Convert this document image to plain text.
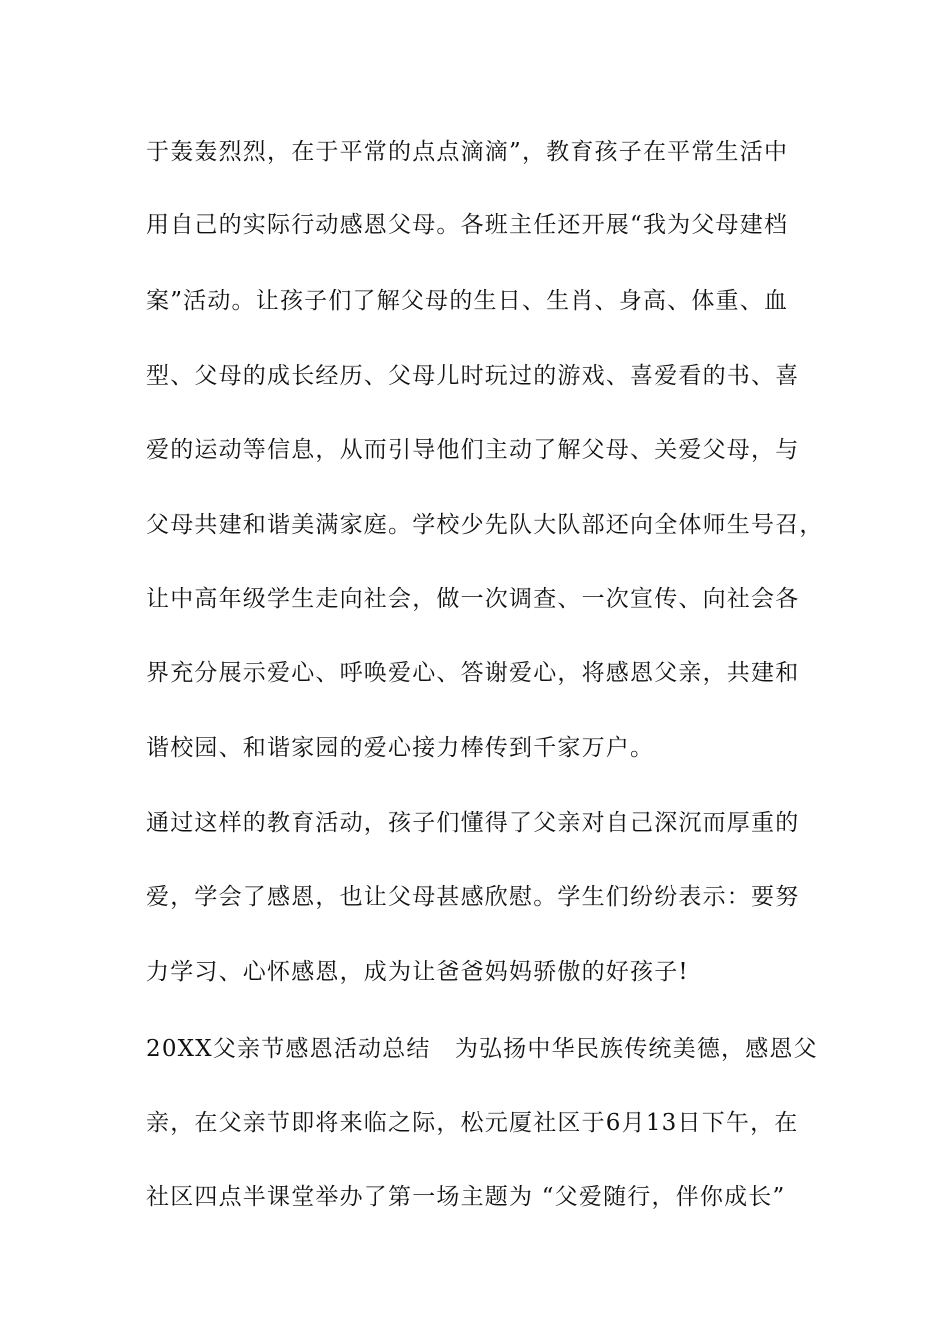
于轰轰烈烈，在于平常的点点滴滴”，教育孩子在平常生活中
用自己的实际行动感恩父母。各班主任还开展“我为父母建档
案”活动。让孩子们了解父母的生日、生肖、身高、体重、血
型、父母的成长经历、父母儿时玩过的游戏、喜爱看的书、喜
爱的运动等信息，从而引导他们主动了解父母、关爱父母，与
父母共建和谐美满家庭。学校少先队大队部还向全体师生号召，
让中高年级学生走向社会，做一次调查、一次宣传、向社会各
界充分展示爱心、呼唤爱心、答谢爱心，将感恩父亲，共建和
谐校园、和谐家园的爱心接力棒传到千家万户。
通过这样的教育活动，孩子们懂得了父亲对自己深沉而厚重的
爱，学会了感恩，也让父母甚感欣慰。学生们纷纷表示：要努
力学习、心怀感恩，成为让爸爸妈妈骄傲的好孩子!
20XX父亲节感恩活动总结　为弘扬中华民族传统美德，感恩父
亲，在父亲节即将来临之际，松元厦社区于6月13日下午，在
社区四点半课堂举办了第一场主题为 “父爱随行，伴你成长”
